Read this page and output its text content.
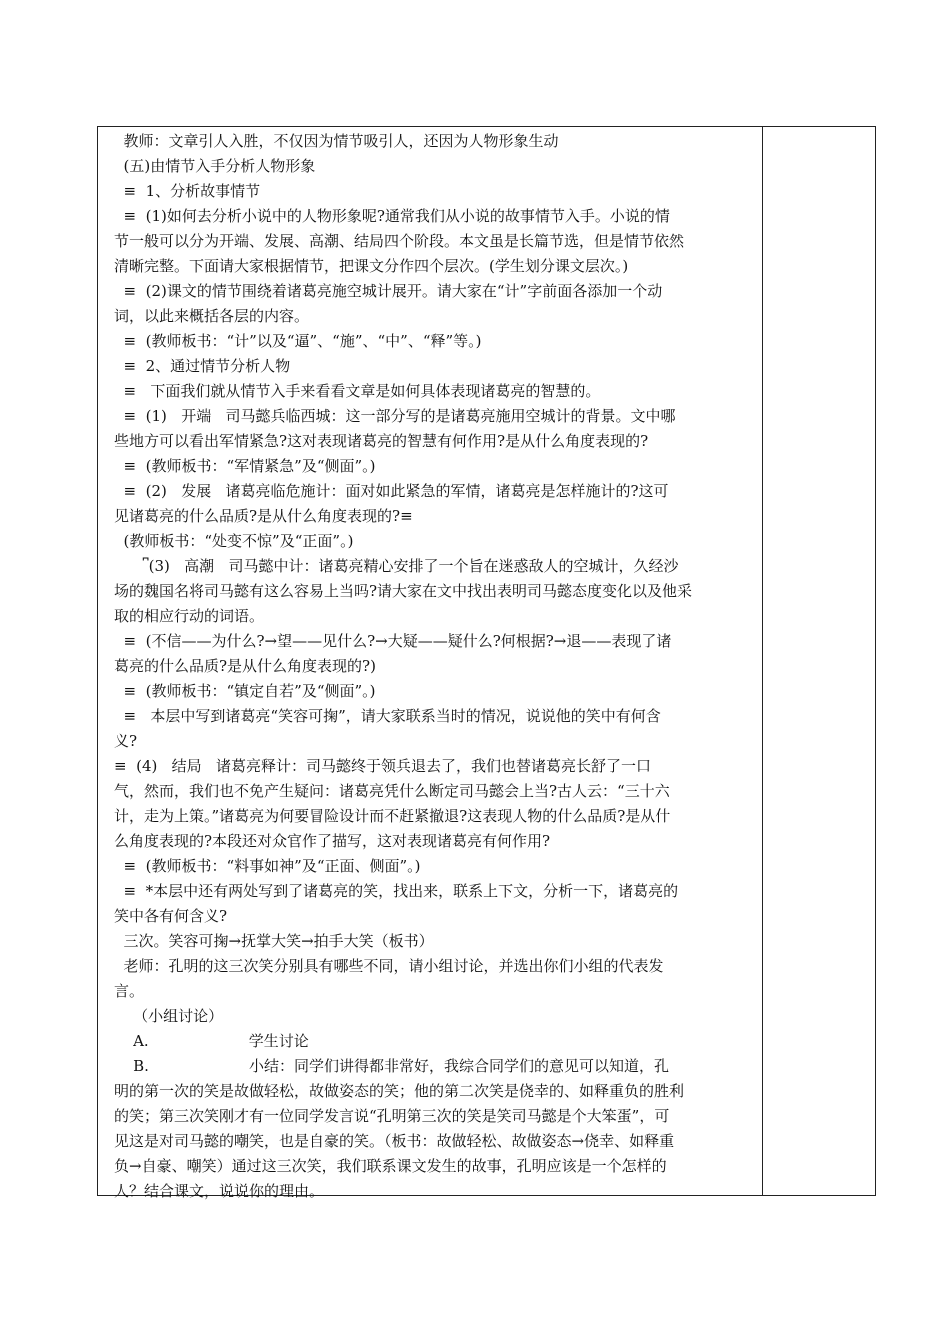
教师：文章引人入胜，不仅因为情节吸引人，还因为人物形象生动
(五)由情节入手分析人物形象
≡  1、分析故事情节
≡  (1)如何去分析小说中的人物形象呢?通常我们从小说的故事情节入手。小说的情
节一般可以分为开端、发展、高潮、结局四个阶段。本文虽是长篇节选，但是情节依然
清晰完整。下面请大家根据情节，把课文分作四个层次。(学生划分课文层次。)
≡  (2)课文的情节围绕着诸葛亮施空城计展开。请大家在“计”字前面各添加一个动
词，以此来概括各层的内容。
≡  (教师板书：“计”以及“逼”、“施”、“中”、“释”等。)
≡  2、通过情节分析人物
≡   下面我们就从情节入手来看看文章是如何具体表现诸葛亮的智慧的。
≡  (1)   开端   司马懿兵临西城：这一部分写的是诸葛亮施用空城计的背景。文中哪
些地方可以看出军情紧急?这对表现诸葛亮的智慧有何作用?是从什么角度表现的?
≡  (教师板书：“军情紧急”及“侧面”。)
≡  (2)   发展   诸葛亮临危施计：面对如此紧急的军情，诸葛亮是怎样施计的?这可
见诸葛亮的什么品质?是从什么角度表现的?≡
(教师板书：“处变不惊”及“正面”。)
⎴(3)   高潮   司马懿中计：诸葛亮精心安排了一个旨在迷惑敌人的空城计，久经沙
场的魏国名将司马懿有这么容易上当吗?请大家在文中找出表明司马懿态度变化以及他采
取的相应行动的词语。
≡  (不信——为什么?→望——见什么?→大疑——疑什么?何根据?→退——表现了诸
葛亮的什么品质?是从什么角度表现的?)
≡  (教师板书：“镇定自若”及“侧面”。)
≡   本层中写到诸葛亮“笑容可掬”，请大家联系当时的情况，说说他的笑中有何含
义?
≡  (4)   结局   诸葛亮释计：司马懿终于领兵退去了，我们也替诸葛亮长舒了一口
气，然而，我们也不免产生疑问：诸葛亮凭什么断定司马懿会上当?古人云：“三十六
计，走为上策。”诸葛亮为何要冒险设计而不赶紧撤退?这表现人物的什么品质?是从什
么角度表现的?本段还对众官作了描写，这对表现诸葛亮有何作用?
≡  (教师板书：“料事如神”及“正面、侧面”。)
≡  *本层中还有两处写到了诸葛亮的笑，找出来，联系上下文，分析一下，诸葛亮的
笑中各有何含义?
三次。笑容可掬→抚掌大笑→拍手大笑（板书）
老师：孔明的这三次笑分别具有哪些不同，请小组讨论，并选出你们小组的代表发
言。
（小组讨论）
A.                     学生讨论
B.                     小结：同学们讲得都非常好，我综合同学们的意见可以知道，孔
明的第一次的笑是故做轻松，故做姿态的笑；他的第二次笑是侥幸的、如释重负的胜利
的笑；第三次笑刚才有一位同学发言说“孔明第三次的笑是笑司马懿是个大笨蛋”，可
见这是对司马懿的嘲笑，也是自豪的笑。（板书：故做轻松、故做姿态→侥幸、如释重
负→自豪、嘲笑）通过这三次笑，我们联系课文发生的故事，孔明应该是一个怎样的
人？结合课文，说说你的理由。
